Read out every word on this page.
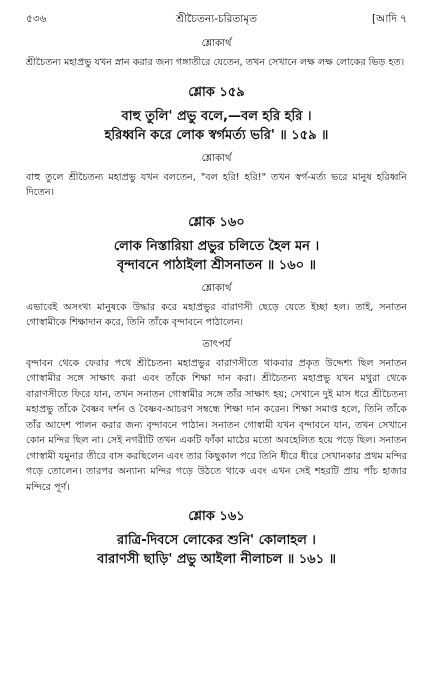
৫৩৬	শ্রীচৈতন্য-চরিতামৃত	[আদি ৭
শ্লোকার্থ
শ্রীচৈতন্য মহাপ্রভু যখন স্নান করার জন্য গঙ্গাতীরে যেতেন, তখন সেখানে লক্ষ লক্ষ লোকের ভিড় হত।
শ্লোক ১৫৯
বাহু তুলি' প্রভু বলে,—বল হরি হরি ।
হরিধ্বনি করে লোক স্বর্গমর্ত্য ভরি' ॥ ১৫৯ ॥
শ্লোকার্থ
বাহু তুলে শ্রীচৈতন্য মহাপ্রভু যখন বলতেন, "বল হরি! হরি!" তখন স্বর্গ-মর্ত্য ভরে মানুষ হরিধ্বনি দিতেন।
শ্লোক ১৬০
লোক নিস্তারিয়া প্রভুর চলিতে হৈল মন ।
বৃন্দাবনে পাঠাইলা শ্রীসনাতন ॥ ১৬০ ॥
শ্লোকার্থ
এভাবেই অসংখ্য মানুষকে উদ্ধার করে মহাপ্রভুর বারাণসী ছেড়ে যেতে ইচ্ছা হল। তাই, সনাতন গোস্বামীকে শিক্ষাদান করে, তিনি তাঁকে বৃন্দাবনে পাঠালেন।
তাৎপর্য
বৃন্দাবন থেকে ফেরার পথে শ্রীচৈতন্য মহাপ্রভুর বারাণসীতে থাকবার প্রকৃত উদ্দেশ্য ছিল সনাতন গোস্বামীর সঙ্গে সাক্ষাৎ করা এবং তাঁকে শিক্ষা দান করা। শ্রীচৈতন্য মহাপ্রভু যখন মথুরা থেকে বারাণসীতে ফিরে যান, তখন সনাতন গোস্বামীর সঙ্গে তাঁর সাক্ষাৎ হয়; সেখানে দুই মাস ধরে শ্রীচৈতন্য মহাপ্রভু তাঁকে বৈষ্ণব দর্শন ও বৈষ্ণব-আচরণ সম্বন্ধে শিক্ষা দান করেন। শিক্ষা সমাপ্ত হলে, তিনি তাঁকে তাঁর আদেশ পালন করার জন্য বৃন্দাবনে পাঠান। সনাতন গোস্বামী যখন বৃন্দাবনে যান, তখন সেখানে কোন মন্দির ছিল না। সেই নগরীটি তখন একটি ফাঁকা মাঠের মতো অবহেলিত হয়ে পড়ে ছিল। সনাতন গোস্বামী যমুনার তীরে বাস করছিলেন এবং তার কিছুকাল পরে তিনি ধীরে ধীরে সেখানকার প্রথম মন্দির গড়ে তোলেন। তারপর অন্যান্য মন্দির গড়ে উঠতে থাকে এবং এখন সেই শহরটি প্রায় পাঁচ হাজার মন্দিরে পূর্ণ।
শ্লোক ১৬১
রাত্রি-দিবসে লোকের শুনি' কোলাহল ।
বারাণসী ছাড়ি' প্রভু আইলা নীলাচল ॥ ১৬১ ॥
